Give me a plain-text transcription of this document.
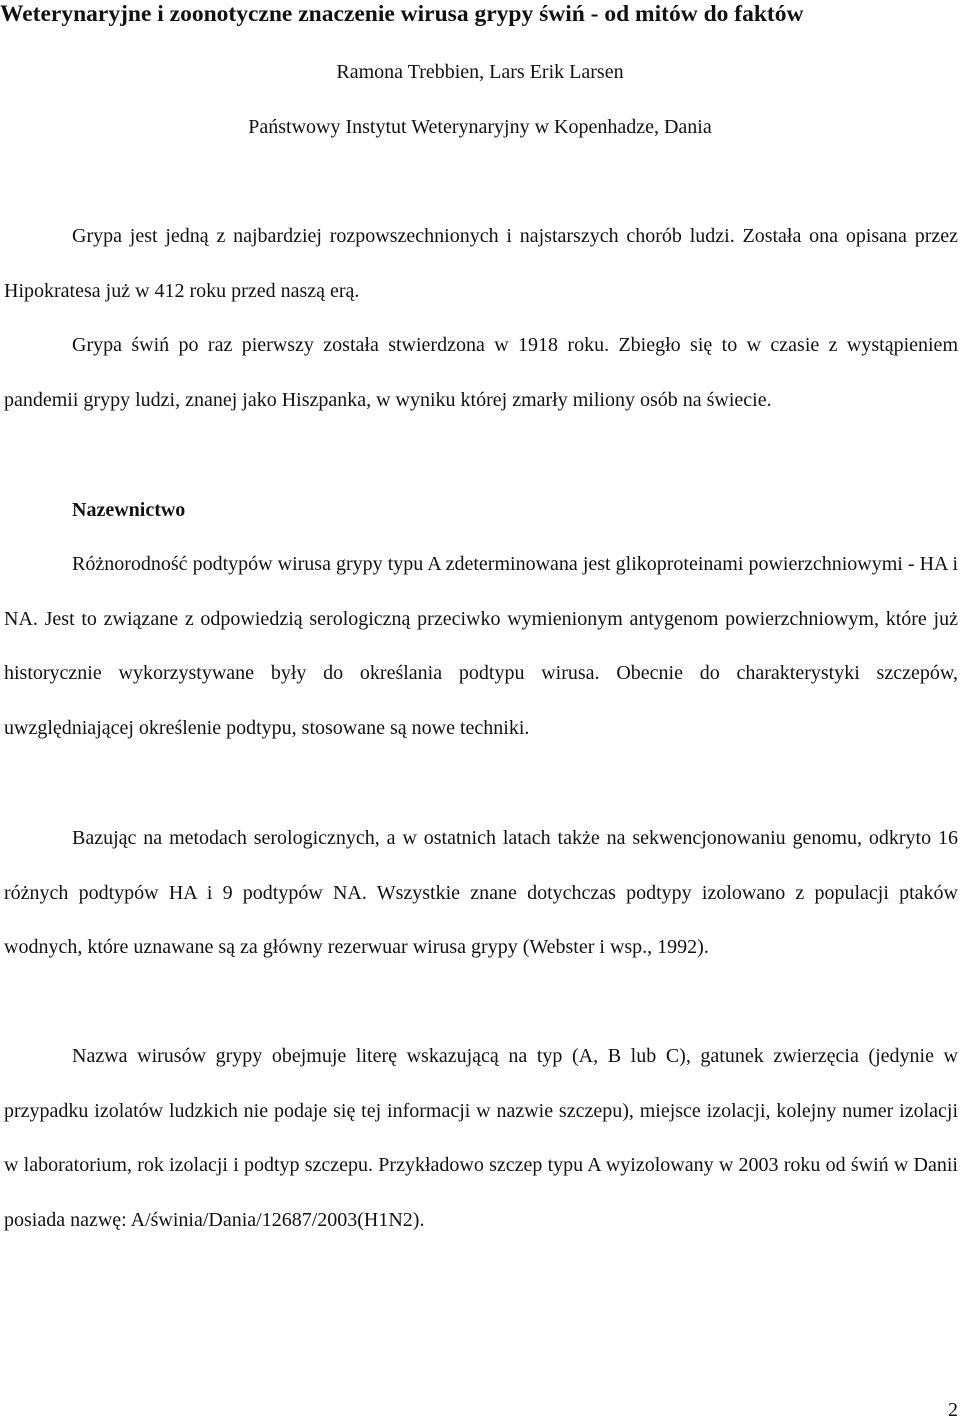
Weterynaryjne i zoonotyczne znaczenie wirusa grypy świń - od mitów do faktów
Ramona Trebbien, Lars Erik Larsen
Państwowy Instytut Weterynaryjny w Kopenhadze, Dania

Grypa jest jedną z najbardziej rozpowszechnionych i najstarszych chorób ludzi. Została ona opisana przez Hipokratesa już w 412 roku przed naszą erą.

Grypa świń po raz pierwszy została stwierdzona w 1918 roku. Zbiegło się to w czasie z wystąpieniem pandemii grypy ludzi, znanej jako Hiszpanka, w wyniku której zmarły miliony osób na świecie.

Nazewnictwo

Różnorodność podtypów wirusa grypy typu A zdeterminowana jest glikoproteinami powierzchniowymi - HA i NA. Jest to związane z odpowiedzią serologiczną przeciwko wymienionym antygenom powierzchniowym, które już historycznie wykorzystywane były do określania podtypu wirusa. Obecnie do charakterystyki szczepów, uwzględniającej określenie podtypu, stosowane są nowe techniki.

Bazując na metodach serologicznych, a w ostatnich latach także na sekwencjonowaniu genomu, odkryto 16 różnych podtypów HA i 9 podtypów NA. Wszystkie znane dotychczas podtypy izolowano z populacji ptaków wodnych, które uznawane są za główny rezerwuar wirusa grypy (Webster i wsp., 1992).

Nazwa wirusów grypy obejmuje literę wskazującą na typ (A, B lub C), gatunek zwierzęcia (jedynie w przypadku izolatów ludzkich nie podaje się tej informacji w nazwie szczepu), miejsce izolacji, kolejny numer izolacji w laboratorium, rok izolacji i podtyp szczepu. Przykładowo szczep typu A wyizolowany w 2003 roku od świń w Danii posiada nazwę: A/świnia/Dania/12687/2003(H1N2).

2
